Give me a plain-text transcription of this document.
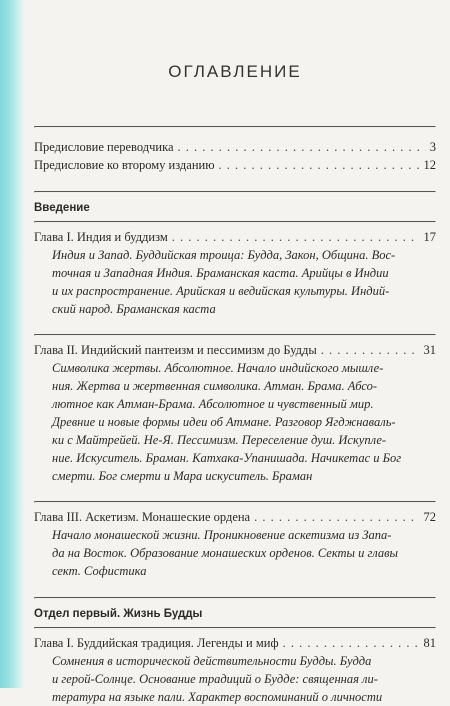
ОГЛАВЛЕНИЕ
Предисловие переводчика . . .	3
Предисловие ко второму изданию . . .	12
Введение
Глава I. Индия и буддизм . . .	17
Индия и Запад. Буддийская троица: Будда, Закон, Община. Вос-
точная и Западная Индия. Браманская каста. Арийцы в Индии
и их распространение. Арийская и ведийская культуры. Индий-
ский народ. Браманская каста
Глава II. Индийский пантеизм и пессимизм до Будды . . .	31
Символика жертвы. Абсолютное. Начало индийского мышле-
ния. Жертва и жертвенная символика. Атман. Брама. Абсо-
лютное как Атман-Брама. Абсолютное и чувственный мир.
Древние и новые формы идеи об Атмане. Разговор Ягджнаваль-
ки с Майтрейей. Не-Я. Пессимизм. Переселение душ. Искупле-
ние. Искуситель. Браман. Катхака-Упанишада. Начикетас и Бог
смерти. Бог смерти и Мара искуситель. Браман
Глава III. Аскетизм. Монашеские ордена . . .	72
Начало монашеской жизни. Проникновение аскетизма из Запа-
да на Восток. Образование монашеских орденов. Секты и главы
сект. Софистика
Отдел первый. Жизнь Будды
Глава I. Буддийская традиция. Легенды и миф . . .	81
Сомнения в исторической действительности Будды. Будда
и герой-Солнце. Основание традиций о Будде: священная ли-
тература на языке пали. Характер воспоминаний о личности
